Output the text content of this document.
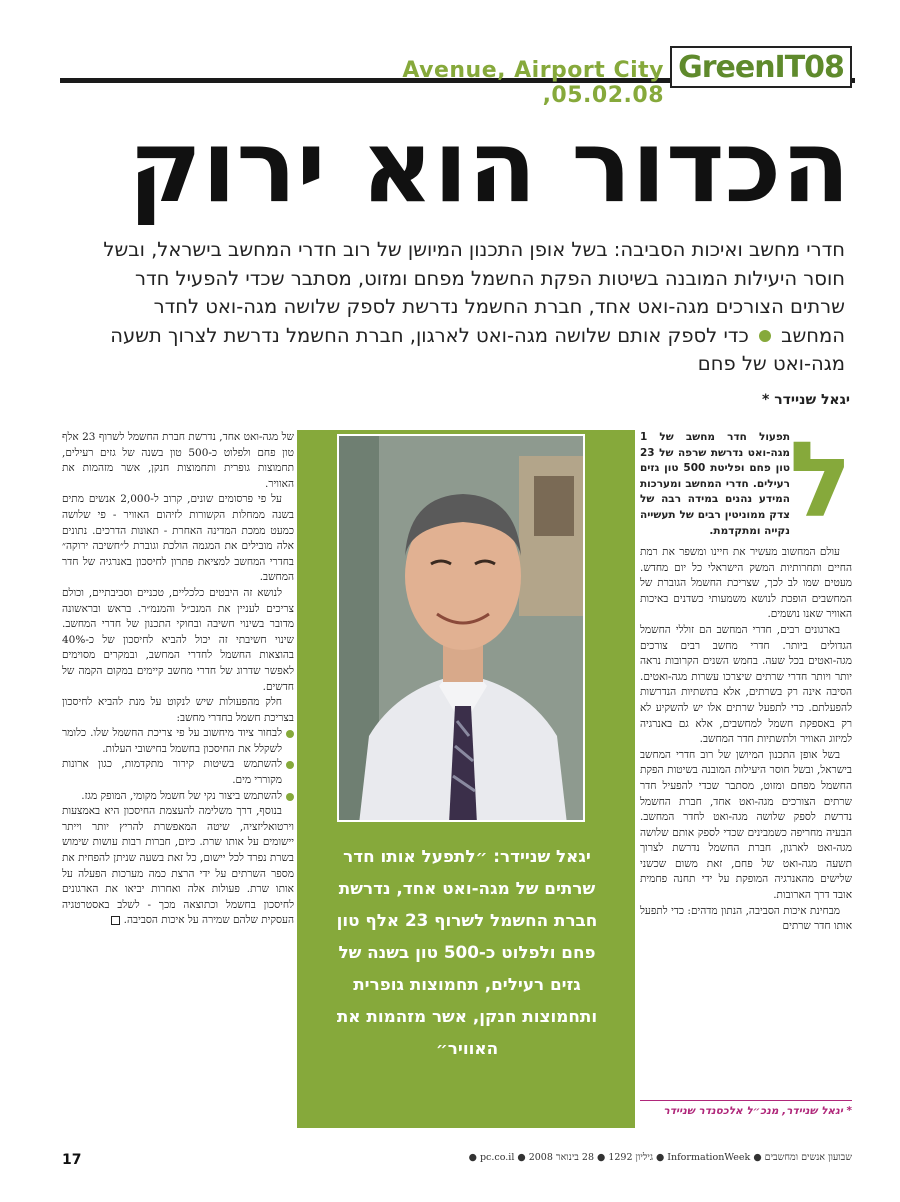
Avenue, Airport City ,05.02.08
GreenIT08
הכדור הוא ירוק
חדרי מחשב ואיכות הסביבה: בשל אופן התכנון המיושן של רוב חדרי המחשב בישראל, ובשל חוסר היעילות המובנה בשיטות הפקת החשמל מפחם ומזוט, מסתבר שכדי להפעיל חדר שרתים הצורכים מגה-ואט אחד, חברת החשמל נדרשת לספק שלושה מגה-ואט לחדר המחשב  כדי לספק אותם שלושה מגה-ואט לארגון, חברת החשמל נדרשת לצרוך תשעה מגה-ואט של פחם
יגאל שניידר *
ל
תפעול חדר מחשב של 1 מגה-ואט נדרשת שרפה של 23 טון פחם ופליטת 500 טון גזים רעילים. חדרי המחשב ומערכות המידע נהנים במידה רבה של צדק ממוניטין רבים של תעשייה נקייה ומתקדמת.

עולם המחשוב מעשיר את חיינו ומשפר את רמת החיים ותחרותיות המשק הישראלי כל יום מחדש. מעטים שמו לב לכך, שצריכת החשמל הגוברת של המחשבים הופכת לנושא משמעותי כשדנים באיכות האוויר שאנו נושמים.

בארגונים רבים, חדרי המחשב הם זוללי החשמל הגדולים ביותר. חדרי מחשב רבים צורכים מגה-ואטים בכל שעה. בחמש השנים הקרובות נראה יותר ויותר חדרי שרתים שיצרכו עשרות מגה-ואטים. הסיבה אינה רק בשרתים, אלא בתשתיות הנדרשות להפעלתם. כדי לתפעל שרתים אלו יש להשקיע לא רק באספקת חשמל למחשבים, אלא גם באנרגיה למיזוג האוויר ולתשתיות חדר המחשב.

בשל אופן התכנון המיושן של רוב חדרי המחשב בישראל, ובשל חוסר היעילות המובנה בשיטות הפקת החשמל מפחם ומזוט, מסתבר שכדי להפעיל חדר שרתים הצורכים מגה-ואט אחד, חברת החשמל נדרשת לספק שלושה מגה-ואט לחדר המחשב. הבעיה מחריפה כשמבינים שכדי לספק אותם שלושה מגה-ואט לארגון, חברת החשמל נדרשת לצרוך תשעה מגה-ואט של פחם, זאת משום שכשני שלישים מהאנרגיה המופקת על ידי תחנה פחמית אובד דרך הארובות.

מבחינת איכות הסביבה, הנתון מדהים: כדי לתפעל אותו חדר שרתים

יגאל שניידר: ״לתפעל אותו חדר שרתים של מגה-ואט אחד, נדרשת חברת החשמל לשרוף 23 אלף טון פחם ולפלוט כ-500 טון בשנה של גזים רעילים, תחמוצות גופרית ותחמוצות חנקן, אשר מזהמות את האוויר״

של מגה-ואט אחד, נדרשת חברת החשמל לשרוף 23 אלף טון פחם ולפלוט כ-500 טון בשנה של גזים רעילים, תחמוצות גופרית ותחמוצות חנקן, אשר מזהמות את האוויר.

על פי פרסומים שונים, קרוב ל-2,000 אנשים מתים בשנה ממחלות הקשורות לזיהום האוויר - פי שלושה כמעט ממכת המדינה האחרת - תאונות הדרכים. נתונים אלה מובילים את המגמה הולכת וגוברת ל״חשיבה ירוקה״ בחדרי המחשב למציאת פתרון לחיסכון באנרגיה של חדר המחשב.

לנושא זה היבטים כלכליים, טכניים וסביבתיים, וכולם צריכים לעניין את המנכ״ל והמנמ״ר. בראש ובראשונה מדובר בשינוי חשיבה ובחוקי התכנון של חדרי המחשב. שינוי חשיבתי זה יכול להביא לחיסכון של כ-40% בהוצאות החשמל לחדרי המחשב, ובמקרים מסוימים לאפשר שדרוג של חדרי מחשב קיימים במקום הקמה של חדשים.

חלק מהפעולות שיש לנקוט על מנת להביא לחיסכון בצריכת חשמל בחדרי מחשב:

לבחור ציוד מיחשוב על פי צריכת החשמל שלו. כלומר לשקלל את החיסכון בחשמל בחישובי העלות.
להשתמש בשיטות קירור מתקדמות, כגון ארונות מקוררי מים.
להשתמש ביצור נקי של חשמל מקומי, המופק מגז.

בנוסף, דרך משלימה להעצמת החיסכון היא באמצעות וירטואליזציה, שיטה המאפשרת להריץ יותר וייתר יישומים על אותו שרת. כיום, חברות רבות עושות שימוש בשרת נפרד לכל יישום, כל זאת בשעה שניתן להפחית את מספר השרתים על ידי הרצת כמה מערכות הפעלה על אותו שרת. פעולות אלה ואחרות יביאו את הארגונים לחיסכון בחשמל וכתוצאה מכך - לשלב באסטרטגיה העסקית שלהם שמירה על איכות הסביבה.

* יגאל שניידר, מנכ״ל אלכסנדר שניידר
שבועון אנשים ומחשבים ● InformationWeek ● גיליון 1292 ● 28 בינואר 2008 ● pc.co.il ●
17
